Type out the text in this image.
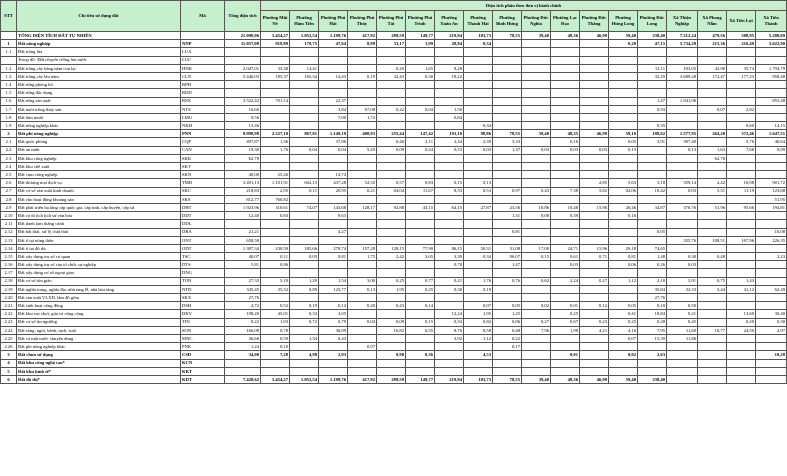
STT	Chỉ tiêu sử dụng đất	Mã	Tổng diện tích	Diện tích phân theo đơn vị hành chính																	
				Phường Mũi Né	Phường Hàm Tiến	Phường Phú Hài	Phường Phú Thủy	Phường Phú Tài	Phường Phú Trinh	Phường Xuân An	Phường Thanh Hải	Phường Bình Hưng	Phường Đức Nghĩa	Phường Lạc Đạo	Phường Đức Thắng	Phường Hưng Long	Phường Đức Long	Xã Thiện Nghiệp	Xã Phong Nẫm	Xã Tiến Lợi	Xã Tiến Thành
	TỔNG DIỆN TÍCH ĐẤT TỰ NHIÊN		21.090,06	3.454,27	1.052,54	1.199,76	417,92	289,59	149,77	219,94	103,73	78,55	39,40	48,36	46,99	59,40	238,40	7.312,24	479,56	588,95	5.280,69
1	Đất nông nghiệp	NNP	11.057,08	919,89	179,75	47,64	8,99	33,17	1,99	28,84	0,34					0,28	47,15	5.734,29	215,36	216,49	3.622,90
1.1	Đất trồng lúa	LUA																			
	Trong đó: Đất chuyên trồng lúa nước	LUC																			
1.2	Đất trồng cây hàng năm còn lại	HNK	2.047,01	33,38	14,41			0,20	1,65	8,28							12,11	103,05	42,90	35,74	1.794,79
1.3	Đất trồng cây lâu năm	CLN	5.446,03	185,37	165,34	14,43	0,19	32,43	0,30	18,22							32,29	3.689,28	172,47	177,23	958,48
1.4	Đất rừng phòng hộ	RPH																			
1.5	Đất rừng đặc dụng	RDD																			
1.6	Đất rừng sản xuất	RSX	3.522,42	701,14		22,37											1,47	1.941,96			855,48
1.7	Đất nuôi trồng thủy sản	NTS	16,60			3,84	07,08	0,22	0,04	1,50							0,93		0,07	2,92	
1.8	Đất làm muối	LMU	9,56			7,00	1,72			0,84											
1.9	Đất nông nghiệp khác	NKH	15,46								0,34						0,35			0,60	14,15
2	Đất phi nông nghiệp	PNN	9.998,98	2.527,10	867,81	1.149,19	408,93	255,44	147,42	191,10	98,86	78,55	39,40	48,35	46,99	59,10	188,62	1.577,95	264,20	372,46	1.647,51
2.1	Đất quốc phòng	CQP	497,87	1,36		37,86		0,46	2,11	2,44	2,39	3,33		0,16		0,05	3,91	397,40		5,76	40,64
2.2	Đất an ninh	CAN	19,30	1,76	0,04	0,04	5,45	0,09	0,24	0,53	0,03	1,37	0,03	0,03	0,03	0,13		0,13	1,63	7,68	0,09
2.3	Đất khu công nghiệp	SKK	62,78																62,78		
2.4	Đất khu chế xuất	SKT																			
2.5	Đất cụm công nghiệp	SKN	40,00	25,26		14,74															
2.6	Đất thương mại dịch vụ	TMD	3.491,13	1.101,91	602,13	437,28	52,35	0,57	0,83	0,15	0,13				2,85	5,63	3,18	359,14	2,42	16,98	901,72
2.7	Đất cơ sở sản xuất kinh doanh	SKC	218,83	2,95	0,11	20,95	0,21	04,04	11,67	8,53	0,53	0,97	0,43	7,38	5,82	02,06	10,42	0,03	5,31	11,19	123,68
2.8	Đất cho hoạt động khoáng sản	SKS	812,77	760,82																	51,95
2.9	Đất phát triển hạ tầng cấp quốc gia, cấp tỉnh, cấp huyện, cấp xã	DHT	1.923,96	310,61	74,07	143,68	128,17	92,88	43,15	64,15	27,87	23,56	10,86	10,48	15,96	26,46	34,87	376,76	51,96	95,66	194,81
2.10	Đất có di tích lịch sử văn hóa	DDT	12,40	0,83		9,63						1,31	0,08	0,39		0,16					
2.11	Đất danh lam thắng cảnh	DDL																			
2.12	Đất bãi thải, xử lý chất thải	DRA	21,21			4,27						0,81					0,05				16,08
2.13	Đất ở tại nông thôn	ONT	658,58															355,76	108,51	167,96	226,35
2.14	Đất ở tại đô thị	ODT	1.387,34	230,59	185,66	278,74	157,28	128,15	77,90	86,15	50,31	31,08	17,00	24,71	15,96	29,18	74,65				
2.15	Đất xây dựng trụ sở cơ quan	TSC	40,07	0,11	0,03	0,81	1,75	2,42	3,65	3,39	0,34	06,07	0,15	0,61	0,71	0,81	1,48	0,30	0,48		2,23
2.16	Đất xây dựng trụ sở của tổ chức sự nghiệp	DTS	5,81	0,86						0,70		1,47		0,03		0,06	0,26	0,03			
2.17	Đất xây dựng cơ sở ngoại giao	DNG																			
2.18	Đất cơ sở tôn giáo	TON	27,33	5,19	1,29	1,54	3,00	0,25	0,77	0,21	1,76	0,76	0,62	2,24	0,27	1,12	2,18	3,91	0,75	1,43	
2.19	Đất nghĩa trang, nghĩa địa, nhà tang lễ, nhà hỏa táng	NTD	345,45	35,52	0,89	125,77	0,13	1,95	0,25	0,30	0,19						35,84	32,33	5,44	41,12	62,49
2.20	Đất sản xuất VLXD, làm đồ gốm	SKX	27,76														27,76				
2.21	Đất sinh hoạt cộng đồng	DSH	2,72	0,52	0,19	0,14	0,20	0,43	0,14		0,07	0,05	0,02	0,01	0,12	0,05	0,10	0,50			
2.22	Đất khu vui chơi, giải trí công cộng	DKV	198,20	45,01	0,33	3,05				12,24	1,95	1,25		0,25		0,41	18,84	0,21		13,60	30,40
2.23	Đất cơ sở tín ngưỡng	TIN	8,22	1,93	0,72	0,79	0,04	0,09	0,15	0,33	0,82	0,06	0,27	0,67	0,23	0,25	0,28	0,45		0,20	0,30
2.24	Đất sông, ngòi, kênh, rạch, suối	SON	160,08	0,78		36,09		16,82	6,55	8,76	8,58	6,48	7,96	1,98	4,21	4,16	7,95	11,60	10,77	24,50	2,97
2.25	Đất có mặt nước chuyên dùng	MNC	36,66	0,59	1,34	0,43				3,92	1,12	0,22				0,07	15,39	11,86			
2.26	Đất phi nông nghiệp khác	PNK	1,24	0,10			0,97					0,17									
3	Đất chưa sử dụng	CSD	34,00	7,28	4,98	2,93		0,98	0,36		4,53			0,01		0,02	2,63				10,28
4	Đất khu công nghệ cao*	KCN																			
5	Đất khu kinh tế*	KKT																			
6	Đất đô thị*	KDT	7.428,62	3.454,27	1.052,54	1.199,76	417,92	289,59	149,77	219,94	103,73	78,55	39,40	48,36	46,99	59,40	238,40				
